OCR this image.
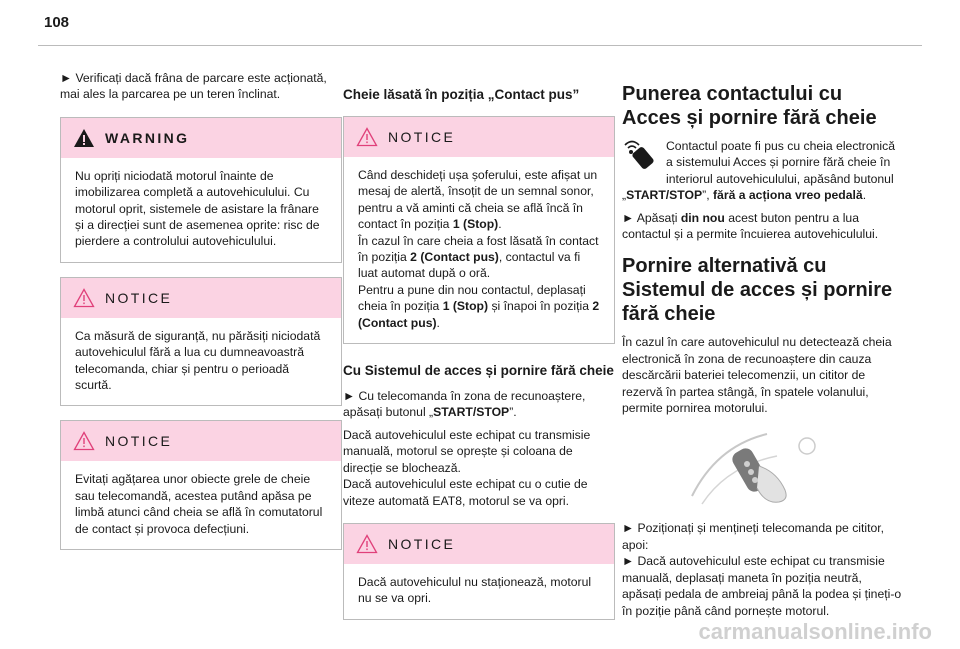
108

► Verificați dacă frâna de parcare este acționată, mai ales la parcarea pe un teren înclinat.

WARNING
Nu opriți niciodată motorul înainte de imobilizarea completă a autovehiculului. Cu motorul oprit, sistemele de asistare la frânare și a direcției sunt de asemenea oprite: risc de pierdere a controlului autovehiculului.
NOTICE
Ca măsură de siguranță, nu părăsiți niciodată autovehiculul fără a lua cu dumneavoastră telecomanda, chiar și pentru o perioadă scurtă.
NOTICE
Evitați agățarea unor obiecte grele de cheie sau telecomandă, acestea putând apăsa pe limbă atunci când cheia se află în comutatorul de contact și provoca defecțiuni.
Cheie lăsată în poziția „Contact pus”
NOTICE
Când deschideți ușa șoferului, este afișat un mesaj de alertă, însoțit de un semnal sonor, pentru a vă aminti că cheia se află încă în contact în poziția 1 (Stop).
În cazul în care cheia a fost lăsată în contact în poziția 2 (Contact pus), contactul va fi luat automat după o oră.
Pentru a pune din nou contactul, deplasați cheia în poziția 1 (Stop) și înapoi în poziția 2 (Contact pus).
Cu Sistemul de acces și pornire fără cheie

► Cu telecomanda în zona de recunoaștere, apăsați butonul „START/STOP”.

Dacă autovehiculul este echipat cu transmisie manuală, motorul se oprește și coloana de direcție se blochează.

Dacă autovehiculul este echipat cu o cutie de viteze automată EAT8, motorul se va opri.

NOTICE
Dacă autovehiculul nu staționează, motorul nu se va opri.
Punerea contactului cu Acces și pornire fără cheie

Contactul poate fi pus cu cheia electronică a sistemului Acces și pornire fără cheie în interiorul autovehiculului, apăsând butonul „START/STOP”, fără a acționa vreo pedală.

► Apăsați din nou acest buton pentru a lua contactul și a permite încuierea autovehiculului.

Pornire alternativă cu Sistemul de acces și pornire fără cheie

În cazul în care autovehiculul nu detectează cheia electronică în zona de recunoaștere din cauza descărcării bateriei telecomenzii, un cititor de rezervă în partea stângă, în spatele volanului, permite pornirea motorului.

► Poziționați și mențineți telecomanda pe cititor, apoi:

► Dacă autovehiculul este echipat cu transmisie manuală, deplasați maneta în poziția neutră, apăsați pedala de ambreiaj până la podea și țineți-o în poziție până când pornește motorul.

carmanualsonline.info
